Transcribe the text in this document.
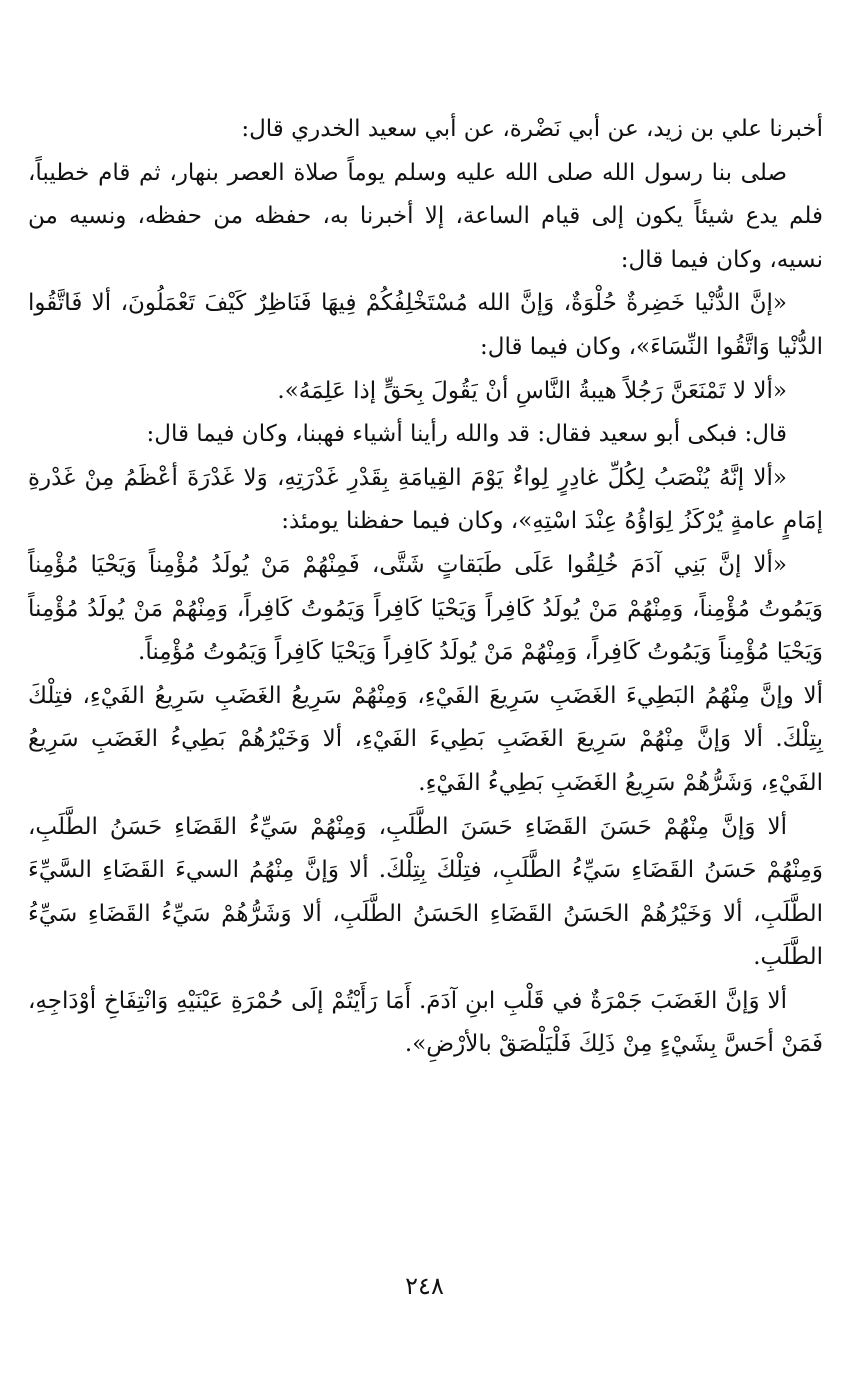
أخبرنا علي بن زيد، عن أبي نَضْرة، عن أبي سعيد الخدري قال:

صلى بنا رسول الله صلى الله عليه وسلم يوماً صلاة العصر بنهار، ثم قام خطيباً، فلم يدع شيئاً يكون إلى قيام الساعة، إلا أخبرنا به، حفظه من حفظه، ونسيه من نسيه، وكان فيما قال:

«إنَّ الدُّنْيا خَضِرةٌ حُلْوَةٌ، وَإنَّ الله مُسْتَخْلِفُكُمْ فِيهَا فَنَاظِرٌ كَيْفَ تَعْمَلُونَ، ألا فَاتَّقُوا الدُّنْيا وَاتَّقُوا النِّسَاءَ»، وكان فيما قال:

«ألا لا تَمْنَعَنَّ رَجُلاً هيبةُ النَّاسِ أنْ يَقُولَ بِحَقٍّ إذا عَلِمَهُ».

قال: فبكى أبو سعيد فقال: قد والله رأينا أشياء فهبنا، وكان فيما قال:

«ألا إنَّهُ يُنْصَبُ لِكُلِّ غادِرٍ لِواءٌ يَوْمَ القِيامَةِ بِقَدْرِ غَدْرَتِهِ، وَلا غَدْرَةَ أعْظَمُ مِنْ غَدْرةِ إمَامٍ عامةٍ يُرْكَزُ لِوَاؤُهُ عِنْدَ اسْتِهِ»، وكان فيما حفظنا يومئذ:

«ألا إنَّ بَنِي آدَمَ خُلِقُوا عَلَى طَبَقاتٍ شَتَّى، فَمِنْهُمْ مَنْ يُولَدُ مُؤْمِناً وَيَحْيَا مُؤْمِناً وَيَمُوتُ مُؤْمِناً، وَمِنْهُمْ مَنْ يُولَدُ كَافِراً وَيَحْيَا كَافِراً وَيَمُوتُ كَافِراً، وَمِنْهُمْ مَنْ يُولَدُ مُؤْمِناً وَيَحْيَا مُؤْمِناً وَيَمُوتُ كَافِراً، وَمِنْهُمْ مَنْ يُولَدُ كَافِراً وَيَحْيَا كَافِراً وَيَمُوتُ مُؤْمِناً.

ألا وإنَّ مِنْهُمُ البَطِيءَ الغَضَبِ سَرِيعَ الفَيْءِ، وَمِنْهُمْ سَرِيعُ الغَضَبِ سَرِيعُ الفَيْءِ، فتِلْكَ بِتِلْكَ. ألا وَإنَّ مِنْهُمْ سَرِيعَ الغَضَبِ بَطِيءَ الفَيْءِ، ألا وَخَيْرُهُمْ بَطِيءُ الغَضَبِ سَرِيعُ الفَيْءِ، وَشَرُّهُمْ سَرِيعُ الغَضَبِ بَطِيءُ الفَيْءِ.

ألا وَإنَّ مِنْهُمْ حَسَنَ القَضَاءِ حَسَنَ الطَّلَبِ، وَمِنْهُمْ سَيِّءُ القَضَاءِ حَسَنُ الطَّلَبِ، وَمِنْهُمْ حَسَنُ القَضَاءِ سَيِّءُ الطَّلَبِ، فتِلْكَ بِتِلْكَ. ألا وَإنَّ مِنْهُمُ السيءَ القَضَاءِ السَّيِّءَ الطَّلَبِ، ألا وَخَيْرُهُمْ الحَسَنُ القَضَاءِ الحَسَنُ الطَّلَبِ، ألا وَشَرُّهُمْ سَيِّءُ القَضَاءِ سَيِّءُ الطَّلَبِ.

ألا وَإنَّ الغَضَبَ جَمْرَةٌ في قَلْبِ ابنِ آدَمَ. أَمَا رَأَيْتُمْ إلَى حُمْرَةِ عَيْنَيْهِ وَانْتِفَاخِ أوْدَاجِهِ، فَمَنْ أحَسَّ بِشَيْءٍ مِنْ ذَلِكَ فَلْيَلْصَقْ بالأرْضِ».

٢٤٨
